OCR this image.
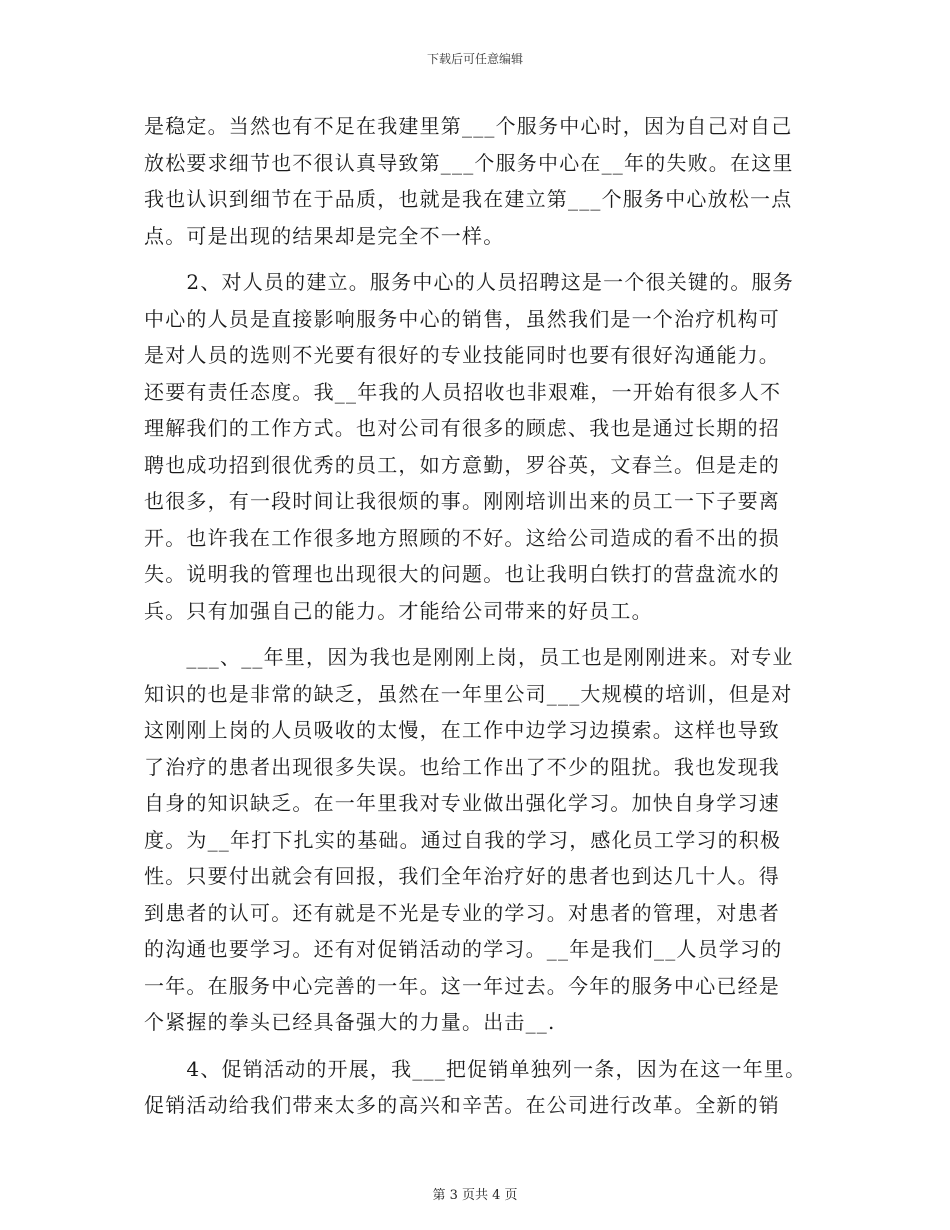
下载后可任意编辑
是稳定。当然也有不足在我建里第___个服务中心时，因为自己对自己
放松要求细节也不很认真导致第___个服务中心在__年的失败。在这里
我也认识到细节在于品质，也就是我在建立第___个服务中心放松一点
点。可是出现的结果却是完全不一样。
　　2、对人员的建立。服务中心的人员招聘这是一个很关键的。服务
中心的人员是直接影响服务中心的销售，虽然我们是一个治疗机构可
是对人员的选则不光要有很好的专业技能同时也要有很好沟通能力。
还要有责任态度。我__年我的人员招收也非艰难，一开始有很多人不
理解我们的工作方式。也对公司有很多的顾虑、我也是通过长期的招
聘也成功招到很优秀的员工，如方意勤，罗谷英，文春兰。但是走的
也很多，有一段时间让我很烦的事。刚刚培训出来的员工一下子要离
开。也许我在工作很多地方照顾的不好。这给公司造成的看不出的损
失。说明我的管理也出现很大的问题。也让我明白铁打的营盘流水的
兵。只有加强自己的能力。才能给公司带来的好员工。
　　___、__年里，因为我也是刚刚上岗，员工也是刚刚进来。对专业
知识的也是非常的缺乏，虽然在一年里公司___大规模的培训，但是对
这刚刚上岗的人员吸收的太慢，在工作中边学习边摸索。这样也导致
了治疗的患者出现很多失误。也给工作出了不少的阻扰。我也发现我
自身的知识缺乏。在一年里我对专业做出强化学习。加快自身学习速
度。为__年打下扎实的基础。通过自我的学习，感化员工学习的积极
性。只要付出就会有回报，我们全年治疗好的患者也到达几十人。得
到患者的认可。还有就是不光是专业的学习。对患者的管理，对患者
的沟通也要学习。还有对促销活动的学习。__年是我们__人员学习的
一年。在服务中心完善的一年。这一年过去。今年的服务中心已经是
个紧握的拳头已经具备强大的力量。出击__.
　　4、促销活动的开展，我___把促销单独列一条，因为在这一年里。
促销活动给我们带来太多的高兴和辛苦。在公司进行改革。全新的销
第 3 页共 4 页
